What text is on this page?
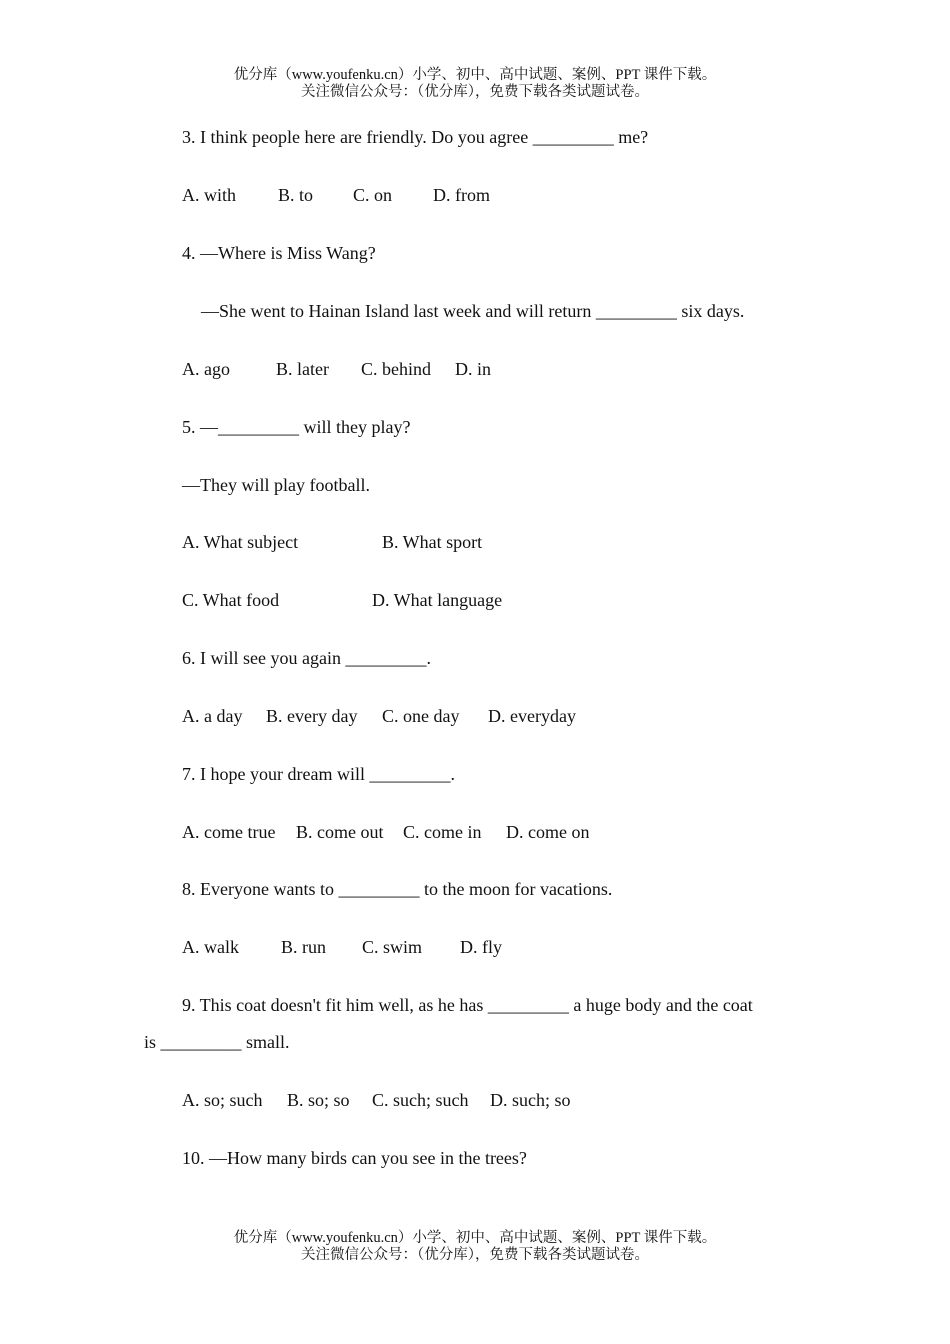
优分库（www.youfenku.cn）小学、初中、高中试题、案例、PPT 课件下载。
关注微信公众号：（优分库），免费下载各类试题试卷。
3. I think people here are friendly. Do you agree _________ me?
A. with B. to C. on D. from
4. —Where is Miss Wang?
—She went to Hainan Island last week and will return _________ six days.
A. ago	B. later C. behind D. in
5. —_________ will they play?
—They will play football.
A. What subject	B. What sport
C. What food	D. What language
6. I will see you again _________.
A. a day B. every day C. one day D. everyday
7. I hope your dream will _________.
A. come true B. come out C. come in D. come on
8. Everyone wants to _________ to the moon for vacations.
A. walk B. run C. swim D. fly
9. This coat doesn't fit him well, as he has _________ a huge body and the coat
is _________ small.
A. so; such B. so; so C. such; such D. such; so
10. —How many birds can you see in the trees?
优分库（www.youfenku.cn）小学、初中、高中试题、案例、PPT 课件下载。
关注微信公众号：（优分库），免费下载各类试题试卷。
